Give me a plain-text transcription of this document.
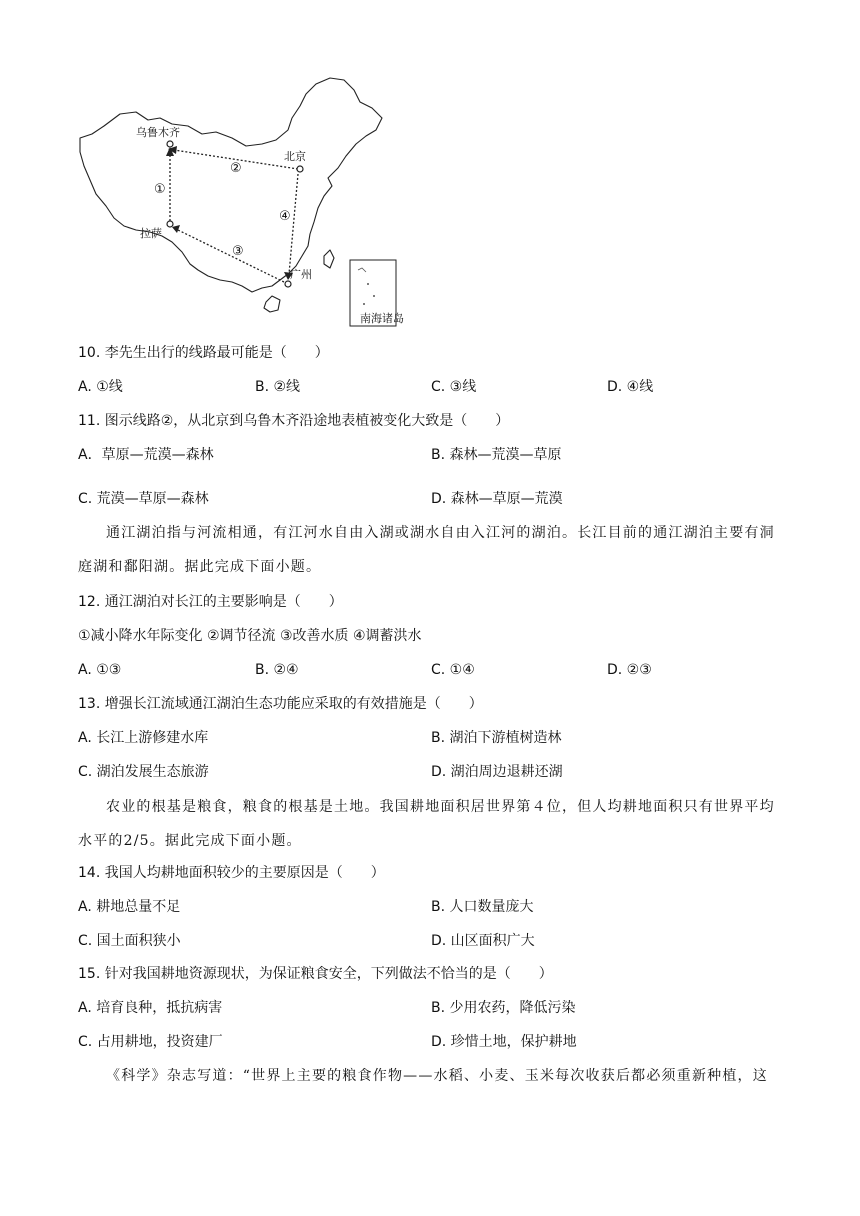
南海诸岛
乌鲁木齐
北京
拉萨
广州
①
②
③
④
10. 李先生出行的线路最可能是（　　）
A. ①线	B. ②线	C. ③线	D. ④线
11. 图示线路②，从北京到乌鲁木齐沿途地表植被变化大致是（　　）
A．草原—荒漠—森林	B. 森林—荒漠—草原
C. 荒漠—草原—森林	D. 森林—草原—荒漠
通江湖泊指与河流相通，有江河水自由入湖或湖水自由入江河的湖泊。长江目前的通江湖泊主要有洞庭湖和鄱阳湖。据此完成下面小题。
12. 通江湖泊对长江的主要影响是（　　）
①减小降水年际变化 ②调节径流 ③改善水质 ④调蓄洪水
A. ①③	B. ②④	C. ①④	D. ②③
13. 增强长江流域通江湖泊生态功能应采取的有效措施是（　　）
A. 长江上游修建水库	B. 湖泊下游植树造林
C. 湖泊发展生态旅游	D. 湖泊周边退耕还湖
农业的根基是粮食，粮食的根基是土地。我国耕地面积居世界第４位，但人均耕地面积只有世界平均水平的2/5。据此完成下面小题。
14. 我国人均耕地面积较少的主要原因是（　　）
A. 耕地总量不足	B. 人口数量庞大
C. 国土面积狭小	D. 山区面积广大
15. 针对我国耕地资源现状，为保证粮食安全，下列做法不恰当的是（　　）
A. 培育良种，抵抗病害	B. 少用农药，降低污染
C. 占用耕地，投资建厂	D. 珍惜土地，保护耕地
《科学》杂志写道：“世界上主要的粮食作物——水稻、小麦、玉米每次收获后都必须重新种植，这
